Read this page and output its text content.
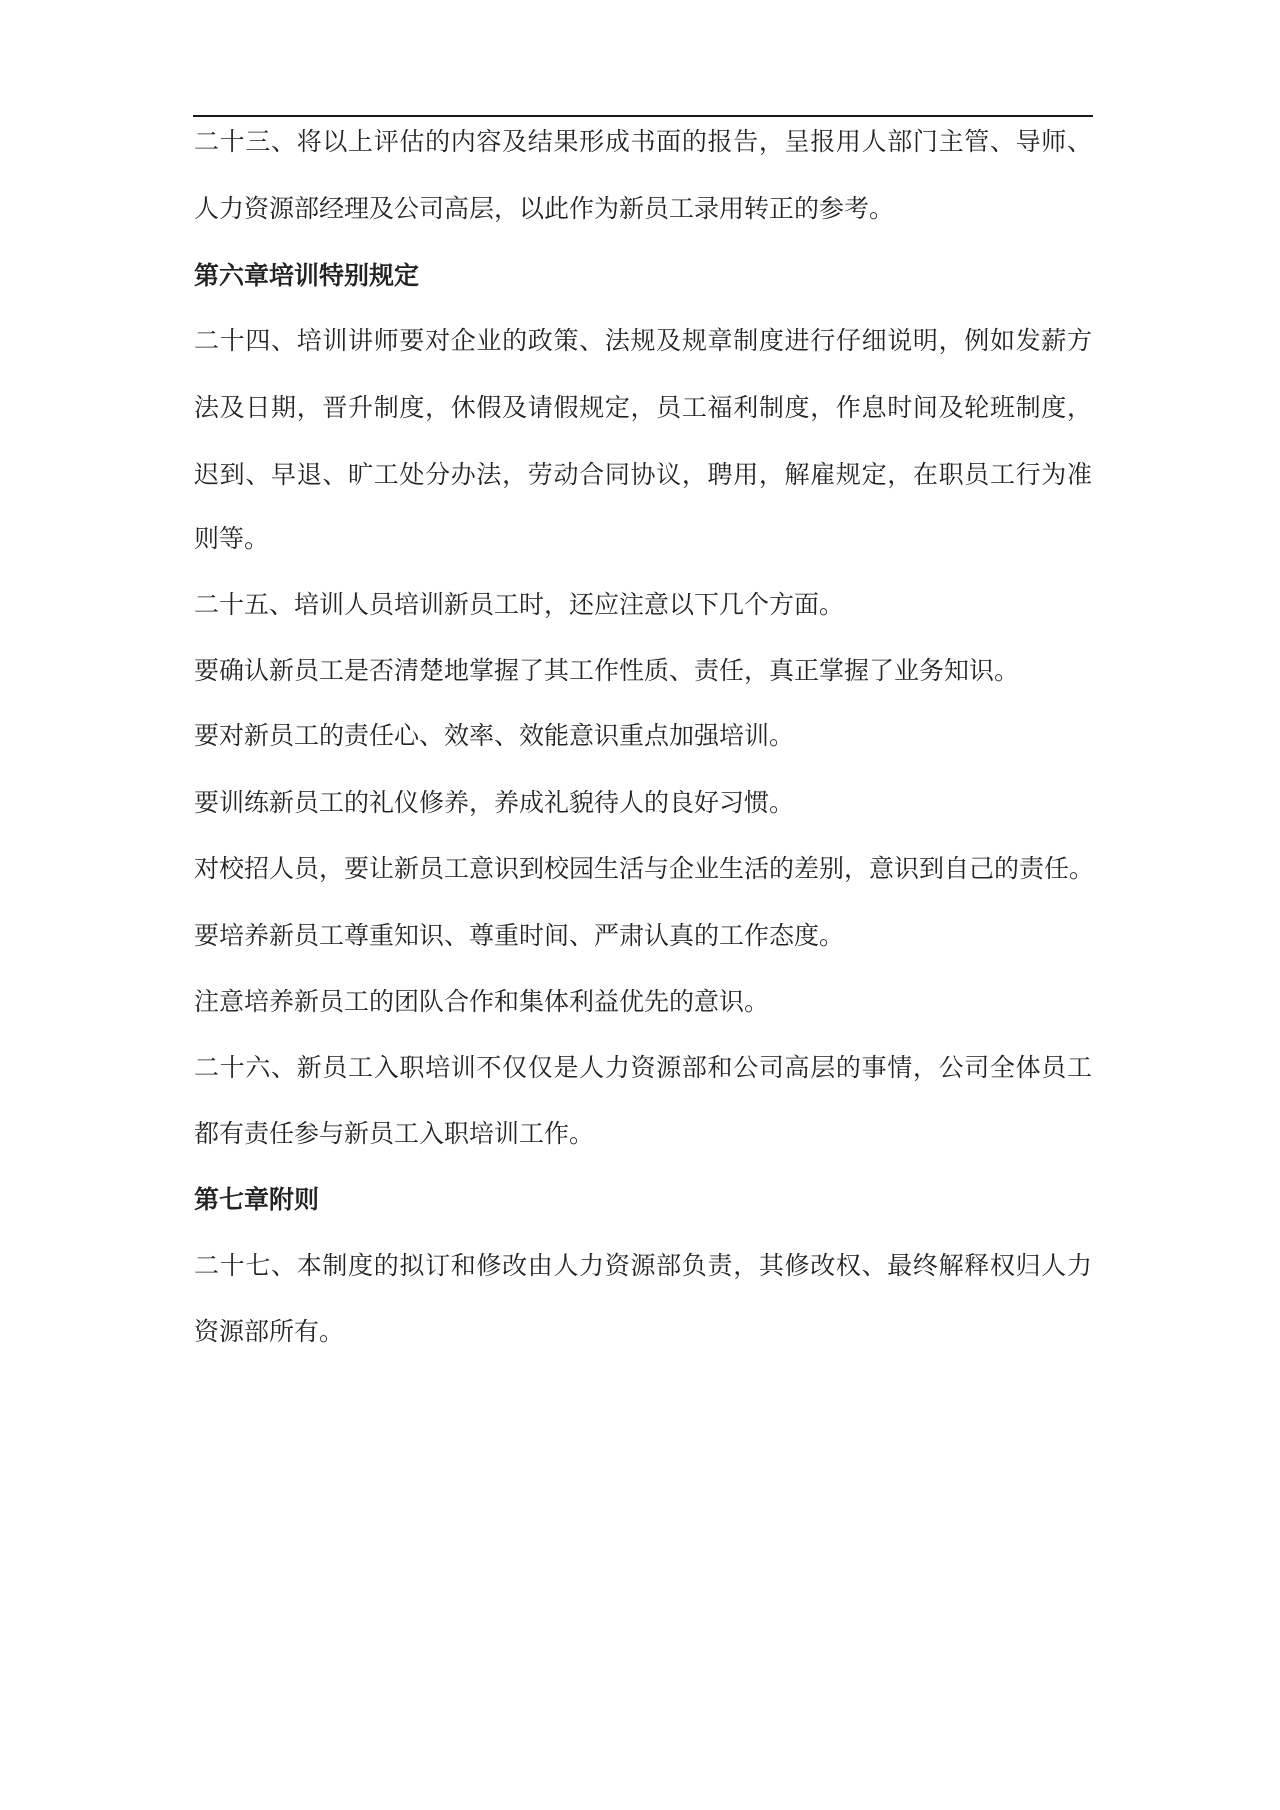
二十三、将以上评估的内容及结果形成书面的报告，呈报用人部门主管、导师、

人力资源部经理及公司高层，以此作为新员工录用转正的参考。

第六章培训特别规定

二十四、培训讲师要对企业的政策、法规及规章制度进行仔细说明，例如发薪方

法及日期，晋升制度，休假及请假规定，员工福利制度，作息时间及轮班制度，

迟到、早退、旷工处分办法，劳动合同协议，聘用，解雇规定，在职员工行为准

则等。

二十五、培训人员培训新员工时，还应注意以下几个方面。

要确认新员工是否清楚地掌握了其工作性质、责任，真正掌握了业务知识。

要对新员工的责任心、效率、效能意识重点加强培训。

要训练新员工的礼仪修养，养成礼貌待人的良好习惯。

对校招人员，要让新员工意识到校园生活与企业生活的差别，意识到自己的责任。

要培养新员工尊重知识、尊重时间、严肃认真的工作态度。

注意培养新员工的团队合作和集体利益优先的意识。

二十六、新员工入职培训不仅仅是人力资源部和公司高层的事情，公司全体员工

都有责任参与新员工入职培训工作。

第七章附则

二十七、本制度的拟订和修改由人力资源部负责，其修改权、最终解释权归人力

资源部所有。
